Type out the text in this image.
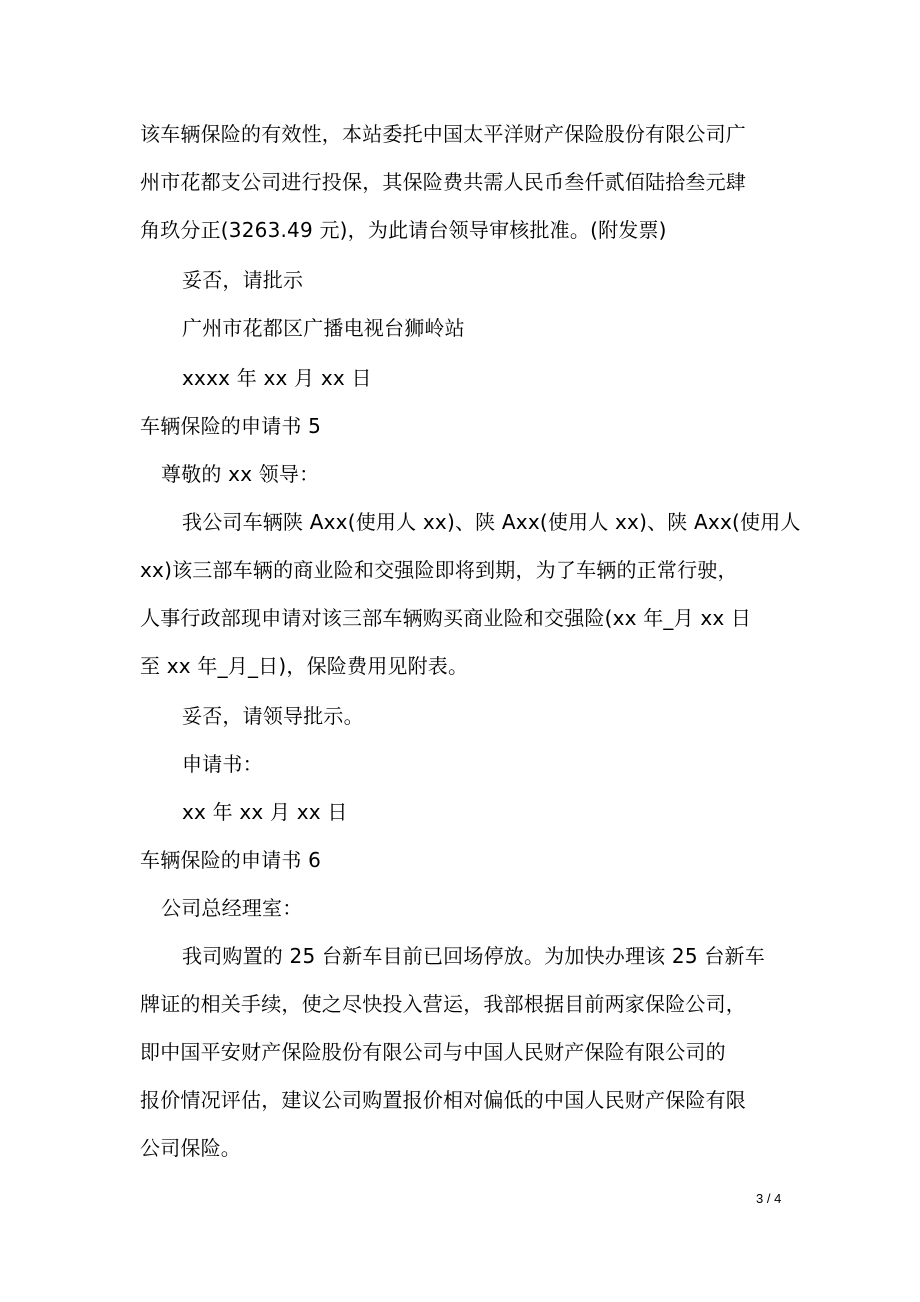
该车辆保险的有效性，本站委托中国太平洋财产保险股份有限公司广
州市花都支公司进行投保，其保险费共需人民币叁仟贰佰陆拾叁元肆
角玖分正(3263.49 元)，为此请台领导审核批准。(附发票)
妥否，请批示
广州市花都区广播电视台狮岭站
xxxx 年 xx 月 xx 日
车辆保险的申请书 5
尊敬的 xx 领导：
我公司车辆陕 Axx(使用人 xx)、陕 Axx(使用人 xx)、陕 Axx(使用人
xx)该三部车辆的商业险和交强险即将到期，为了车辆的正常行驶，
人事行政部现申请对该三部车辆购买商业险和交强险(xx 年_月 xx 日
至 xx 年_月_日)，保险费用见附表。
妥否，请领导批示。
申请书：
xx 年 xx 月 xx 日
车辆保险的申请书 6
公司总经理室：
我司购置的 25 台新车目前已回场停放。为加快办理该 25 台新车
牌证的相关手续，使之尽快投入营运，我部根据目前两家保险公司，
即中国平安财产保险股份有限公司与中国人民财产保险有限公司的
报价情况评估，建议公司购置报价相对偏低的中国人民财产保险有限
公司保险。
3 / 4
